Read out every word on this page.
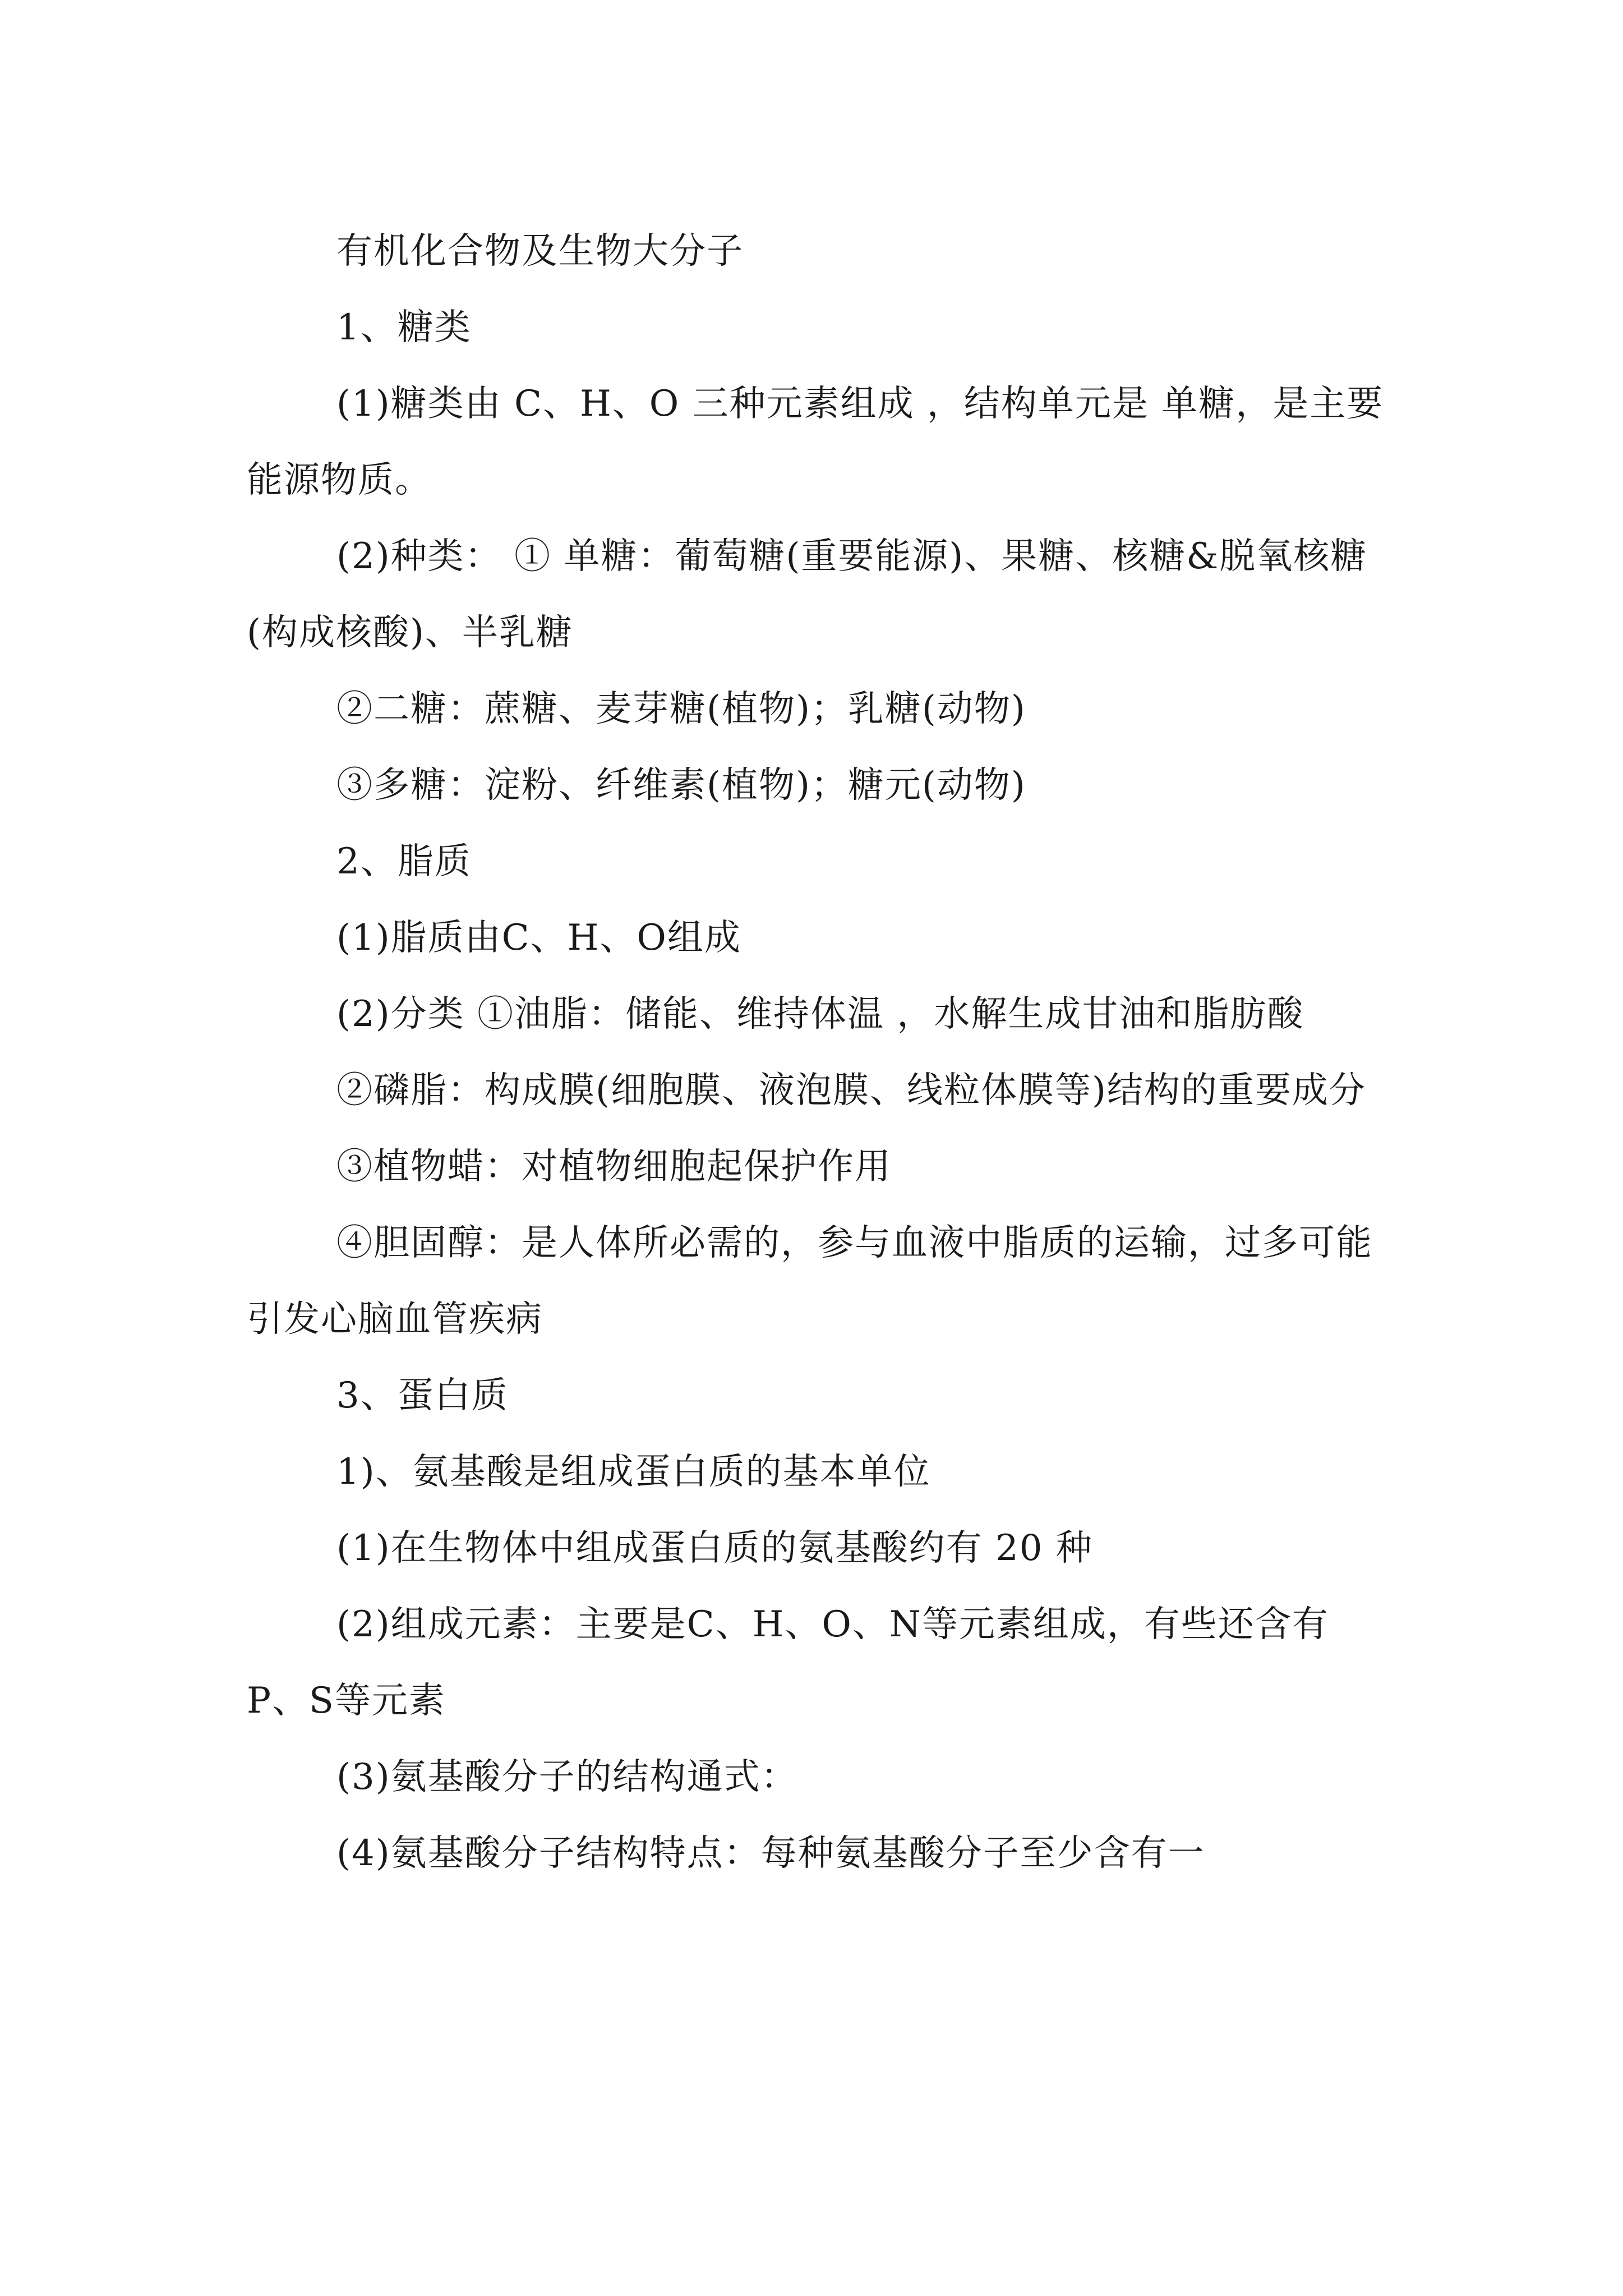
有机化合物及生物大分子

1、糖类

(1)糖类由 C、H、O 三种元素组成 ，结构单元是 单糖，是主要 能源物质。

(2)种类： ① 单糖：葡萄糖(重要能源)、果糖、核糖&脱氧核糖(构成核酸)、半乳糖

②二糖：蔗糖、麦芽糖(植物)；乳糖(动物)

③多糖：淀粉、纤维素(植物)；糖元(动物)

2、脂质

(1)脂质由C、H、O组成

(2)分类 ①油脂：储能、维持体温 ，水解生成甘油和脂肪酸

②磷脂：构成膜(细胞膜、液泡膜、线粒体膜等)结构的重要成分

③植物蜡：对植物细胞起保护作用

④胆固醇：是人体所必需的，参与血液中脂质的运输，过多可能引发心脑血管疾病

3、蛋白质

1)、氨基酸是组成蛋白质的基本单位

(1)在生物体中组成蛋白质的氨基酸约有 20 种

(2)组成元素：主要是C、H、O、N等元素组成，有些还含有P、S等元素

(3)氨基酸分子的结构通式：

(4)氨基酸分子结构特点：每种氨基酸分子至少含有一
